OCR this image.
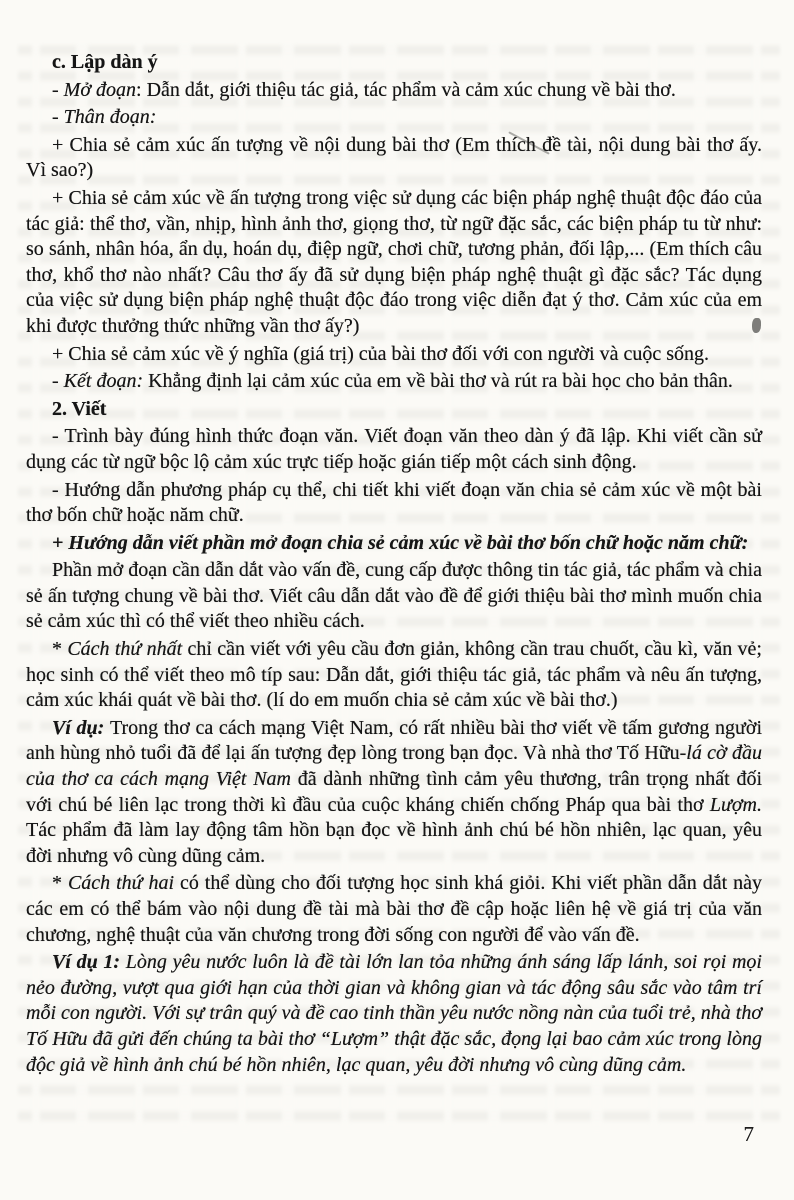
c. Lập dàn ý

- Mở đoạn: Dẫn dắt, giới thiệu tác giả, tác phẩm và cảm xúc chung về bài thơ.

- Thân đoạn:

+ Chia sẻ cảm xúc ấn tượng về nội dung bài thơ (Em thích đề tài, nội dung bài thơ ấy. Vì sao?)

+ Chia sẻ cảm xúc về ấn tượng trong việc sử dụng các biện pháp nghệ thuật độc đáo của tác giả: thể thơ, vần, nhịp, hình ảnh thơ, giọng thơ, từ ngữ đặc sắc, các biện pháp tu từ như: so sánh, nhân hóa, ẩn dụ, hoán dụ, điệp ngữ, chơi chữ, tương phản, đối lập,... (Em thích câu thơ, khổ thơ nào nhất? Câu thơ ấy đã sử dụng biện pháp nghệ thuật gì đặc sắc? Tác dụng của việc sử dụng biện pháp nghệ thuật độc đáo trong việc diễn đạt ý thơ. Cảm xúc của em khi được thưởng thức những vần thơ ấy?)

+ Chia sẻ cảm xúc về ý nghĩa (giá trị) của bài thơ đối với con người và cuộc sống.

- Kết đoạn: Khẳng định lại cảm xúc của em về bài thơ và rút ra bài học cho bản thân.

2. Viết

- Trình bày đúng hình thức đoạn văn. Viết đoạn văn theo dàn ý đã lập. Khi viết cần sử dụng các từ ngữ bộc lộ cảm xúc trực tiếp hoặc gián tiếp một cách sinh động.

- Hướng dẫn phương pháp cụ thể, chi tiết khi viết đoạn văn chia sẻ cảm xúc về một bài thơ bốn chữ hoặc năm chữ.

+ Hướng dẫn viết phần mở đoạn chia sẻ cảm xúc về bài thơ bốn chữ hoặc năm chữ:

Phần mở đoạn cần dẫn dắt vào vấn đề, cung cấp được thông tin tác giả, tác phẩm và chia sẻ ấn tượng chung về bài thơ. Viết câu dẫn dắt vào đề để giới thiệu bài thơ mình muốn chia sẻ cảm xúc thì có thể viết theo nhiều cách.

* Cách thứ nhất chỉ cần viết với yêu cầu đơn giản, không cần trau chuốt, cầu kì, văn vẻ; học sinh có thể viết theo mô típ sau: Dẫn dắt, giới thiệu tác giả, tác phẩm và nêu ấn tượng, cảm xúc khái quát về bài thơ. (lí do em muốn chia sẻ cảm xúc về bài thơ.)

Ví dụ: Trong thơ ca cách mạng Việt Nam, có rất nhiều bài thơ viết về tấm gương người anh hùng nhỏ tuổi đã để lại ấn tượng đẹp lòng trong bạn đọc. Và nhà thơ Tố Hữu-lá cờ đầu của thơ ca cách mạng Việt Nam đã dành những tình cảm yêu thương, trân trọng nhất đối với chú bé liên lạc trong thời kì đầu của cuộc kháng chiến chống Pháp qua bài thơ Lượm. Tác phẩm đã làm lay động tâm hồn bạn đọc về hình ảnh chú bé hồn nhiên, lạc quan, yêu đời nhưng vô cùng dũng cảm.

* Cách thứ hai có thể dùng cho đối tượng học sinh khá giỏi. Khi viết phần dẫn dắt này các em có thể bám vào nội dung đề tài mà bài thơ đề cập hoặc liên hệ về giá trị của văn chương, nghệ thuật của văn chương trong đời sống con người để vào vấn đề.

Ví dụ 1: Lòng yêu nước luôn là đề tài lớn lan tỏa những ánh sáng lấp lánh, soi rọi mọi nẻo đường, vượt qua giới hạn của thời gian và không gian và tác động sâu sắc vào tâm trí mỗi con người. Với sự trân quý và đề cao tinh thần yêu nước nồng nàn của tuổi trẻ, nhà thơ Tố Hữu đã gửi đến chúng ta bài thơ “Lượm” thật đặc sắc, đọng lại bao cảm xúc trong lòng độc giả về hình ảnh chú bé hồn nhiên, lạc quan, yêu đời nhưng vô cùng dũng cảm.

7
